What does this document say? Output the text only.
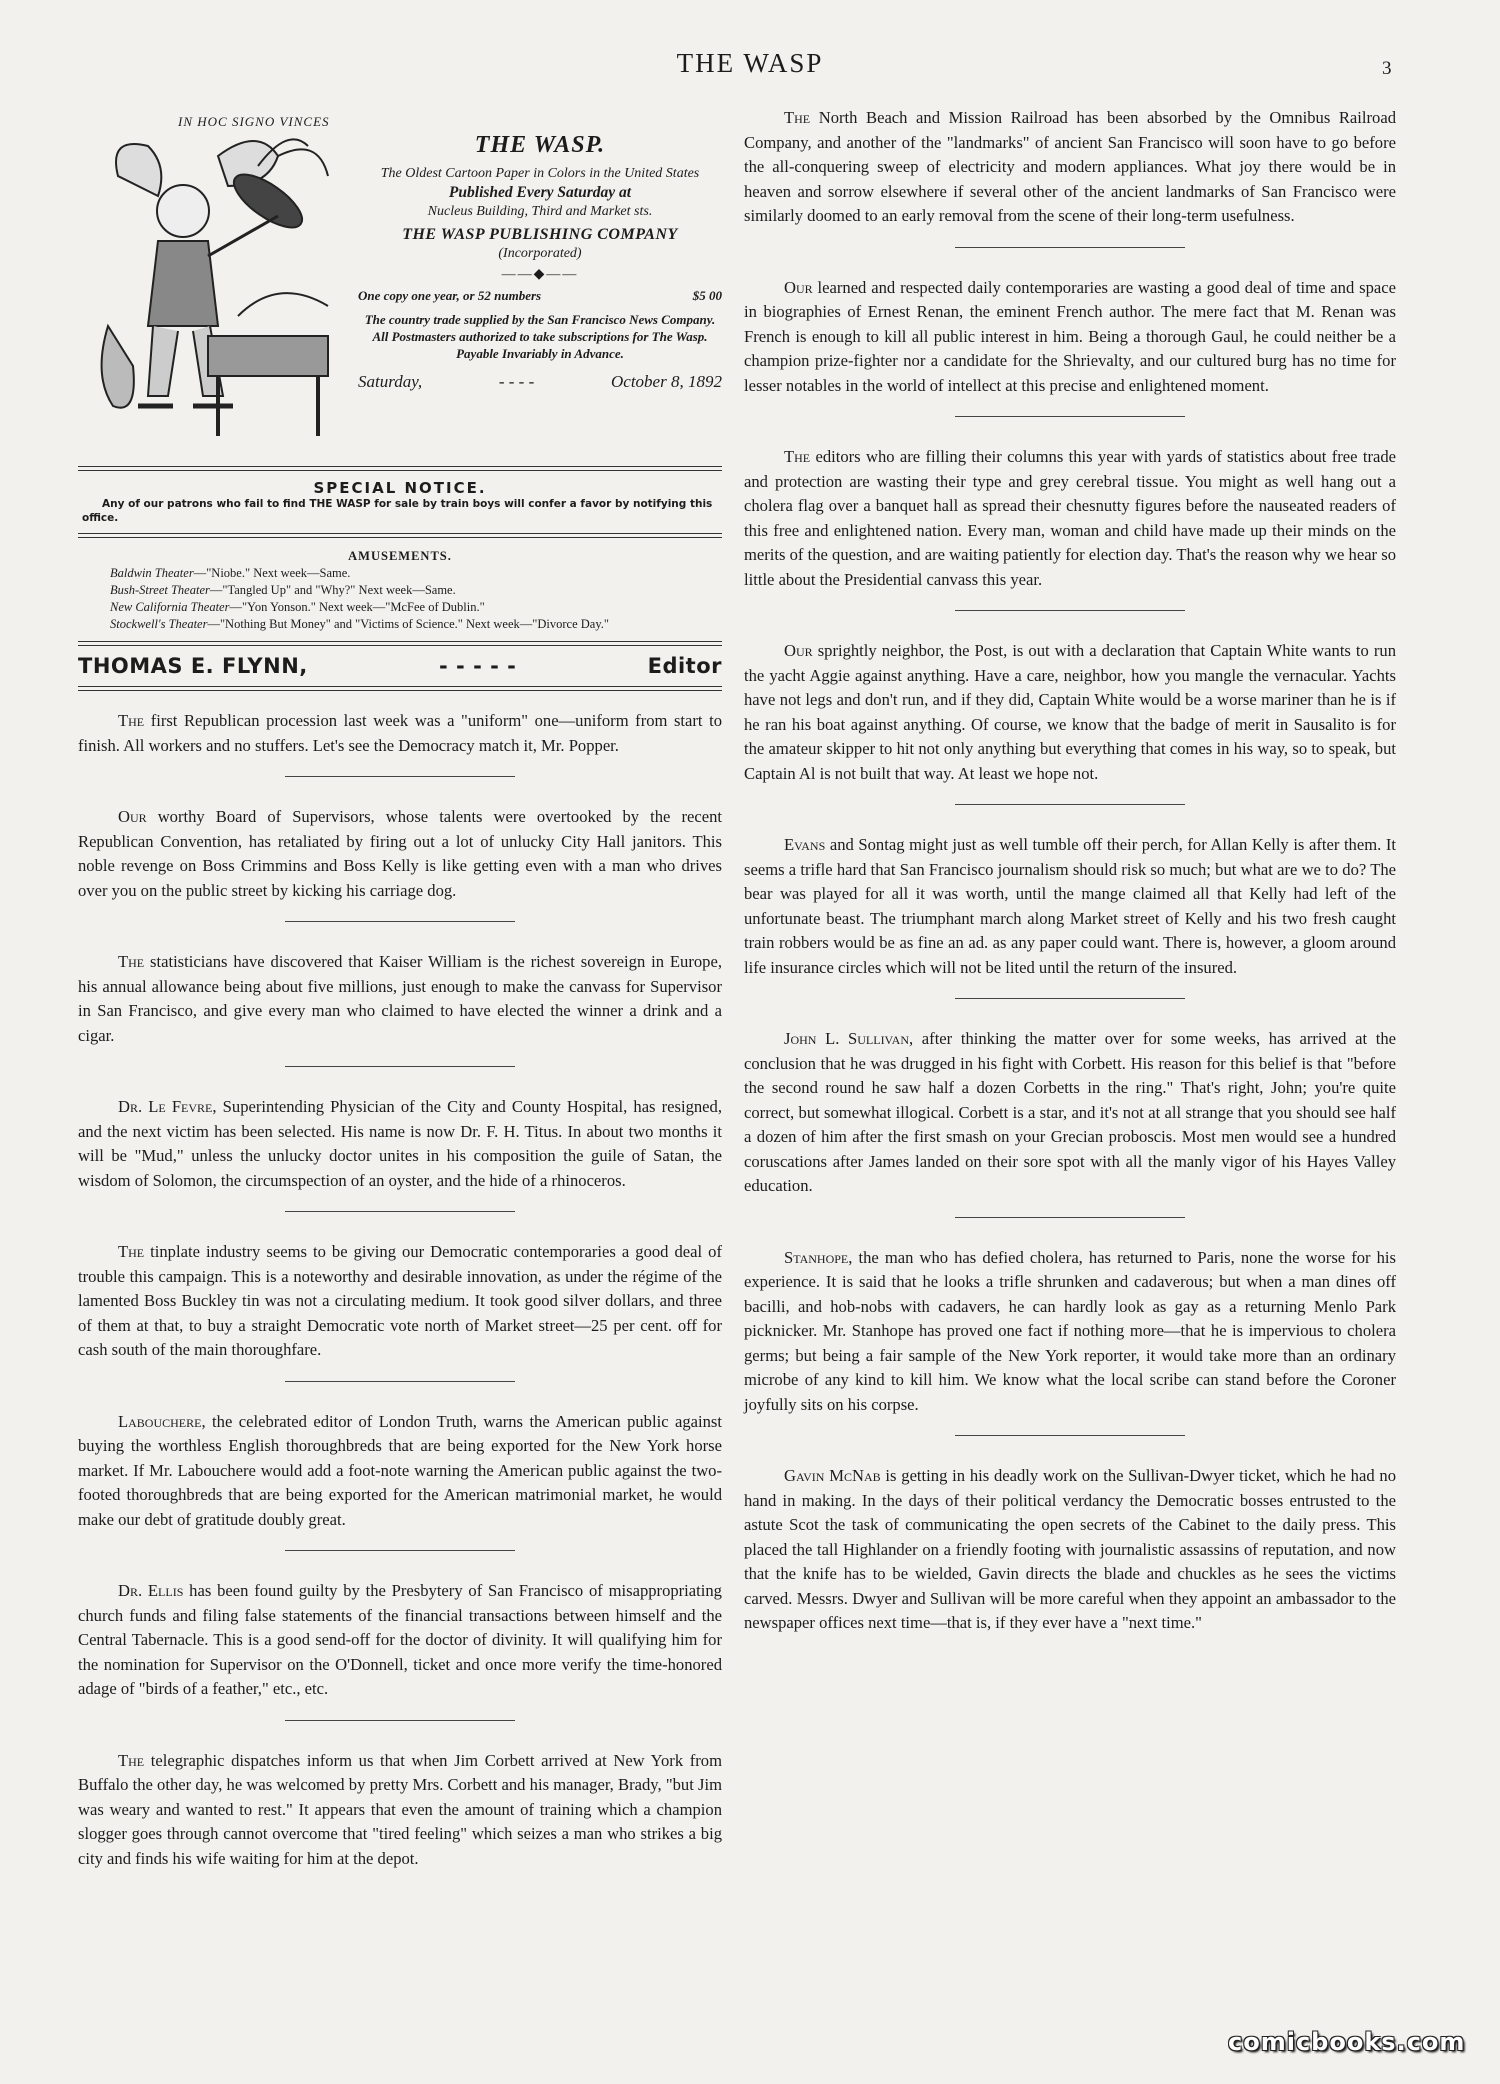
THE WASP	3
IN HOC SIGNO VINCES
THE WASP.
The Oldest Cartoon Paper in Colors in the United States
Published Every Saturday at
Nucleus Building, Third and Market sts.
THE WASP PUBLISHING COMPANY
(Incorporated)
——◆——
One copy one year, or 52 numbers	$5 00
The country trade supplied by the San Francisco News Company. All Postmasters authorized to take subscriptions for The Wasp. Payable Invariably in Advance.
Saturday,	- - - -	October 8, 1892
SPECIAL NOTICE.
Any of our patrons who fail to find THE WASP for sale by train boys will confer a favor by notifying this office.
AMUSEMENTS.
Baldwin Theater—"Niobe." Next week—Same.
Bush-Street Theater—"Tangled Up" and "Why?" Next week—Same.
New California Theater—"Yon Yonson." Next week—"McFee of Dublin."
Stockwell's Theater—"Nothing But Money" and "Victims of Science." Next week—"Divorce Day."
THOMAS E. FLYNN,	- - - - -	Editor

The first Republican procession last week was a "uniform" one—uniform from start to finish. All workers and no stuffers. Let's see the Democracy match it, Mr. Popper.

Our worthy Board of Supervisors, whose talents were overtooked by the recent Republican Convention, has retaliated by firing out a lot of unlucky City Hall janitors. This noble revenge on Boss Crimmins and Boss Kelly is like getting even with a man who drives over you on the public street by kicking his carriage dog.

The statisticians have discovered that Kaiser William is the richest sovereign in Europe, his annual allowance being about five millions, just enough to make the canvass for Supervisor in San Francisco, and give every man who claimed to have elected the winner a drink and a cigar.

Dr. Le Fevre, Superintending Physician of the City and County Hospital, has resigned, and the next victim has been selected. His name is now Dr. F. H. Titus. In about two months it will be "Mud," unless the unlucky doctor unites in his composition the guile of Satan, the wisdom of Solomon, the circumspection of an oyster, and the hide of a rhinoceros.

The tinplate industry seems to be giving our Democratic contemporaries a good deal of trouble this campaign. This is a noteworthy and desirable innovation, as under the régime of the lamented Boss Buckley tin was not a circulating medium. It took good silver dollars, and three of them at that, to buy a straight Democratic vote north of Market street—25 per cent. off for cash south of the main thoroughfare.

Labouchere, the celebrated editor of London Truth, warns the American public against buying the worthless English thoroughbreds that are being exported for the New York horse market. If Mr. Labouchere would add a foot-note warning the American public against the two-footed thoroughbreds that are being exported for the American matrimonial market, he would make our debt of gratitude doubly great.

Dr. Ellis has been found guilty by the Presbytery of San Francisco of misappropriating church funds and filing false statements of the financial transactions between himself and the Central Tabernacle. This is a good send-off for the doctor of divinity. It will qualifying him for the nomination for Supervisor on the O'Donnell, ticket and once more verify the time-honored adage of "birds of a feather," etc., etc.

The telegraphic dispatches inform us that when Jim Corbett arrived at New York from Buffalo the other day, he was welcomed by pretty Mrs. Corbett and his manager, Brady, "but Jim was weary and wanted to rest." It appears that even the amount of training which a champion slogger goes through cannot overcome that "tired feeling" which seizes a man who strikes a big city and finds his wife waiting for him at the depot.

The North Beach and Mission Railroad has been absorbed by the Omnibus Railroad Company, and another of the "landmarks" of ancient San Francisco will soon have to go before the all-conquering sweep of electricity and modern appliances. What joy there would be in heaven and sorrow elsewhere if several other of the ancient landmarks of San Francisco were similarly doomed to an early removal from the scene of their long-term usefulness.

Our learned and respected daily contemporaries are wasting a good deal of time and space in biographies of Ernest Renan, the eminent French author. The mere fact that M. Renan was French is enough to kill all public interest in him. Being a thorough Gaul, he could neither be a champion prize-fighter nor a candidate for the Shrievalty, and our cultured burg has no time for lesser notables in the world of intellect at this precise and enlightened moment.

The editors who are filling their columns this year with yards of statistics about free trade and protection are wasting their type and grey cerebral tissue. You might as well hang out a cholera flag over a banquet hall as spread their chesnutty figures before the nauseated readers of this free and enlightened nation. Every man, woman and child have made up their minds on the merits of the question, and are waiting patiently for election day. That's the reason why we hear so little about the Presidential canvass this year.

Our sprightly neighbor, the Post, is out with a declaration that Captain White wants to run the yacht Aggie against anything. Have a care, neighbor, how you mangle the vernacular. Yachts have not legs and don't run, and if they did, Captain White would be a worse mariner than he is if he ran his boat against anything. Of course, we know that the badge of merit in Sausalito is for the amateur skipper to hit not only anything but everything that comes in his way, so to speak, but Captain Al is not built that way. At least we hope not.

Evans and Sontag might just as well tumble off their perch, for Allan Kelly is after them. It seems a trifle hard that San Francisco journalism should risk so much; but what are we to do? The bear was played for all it was worth, until the mange claimed all that Kelly had left of the unfortunate beast. The triumphant march along Market street of Kelly and his two fresh caught train robbers would be as fine an ad. as any paper could want. There is, however, a gloom around life insurance circles which will not be lited until the return of the insured.

John L. Sullivan, after thinking the matter over for some weeks, has arrived at the conclusion that he was drugged in his fight with Corbett. His reason for this belief is that "before the second round he saw half a dozen Corbetts in the ring." That's right, John; you're quite correct, but somewhat illogical. Corbett is a star, and it's not at all strange that you should see half a dozen of him after the first smash on your Grecian proboscis. Most men would see a hundred coruscations after James landed on their sore spot with all the manly vigor of his Hayes Valley education.

Stanhope, the man who has defied cholera, has returned to Paris, none the worse for his experience. It is said that he looks a trifle shrunken and cadaverous; but when a man dines off bacilli, and hob-nobs with cadavers, he can hardly look as gay as a returning Menlo Park picknicker. Mr. Stanhope has proved one fact if nothing more—that he is impervious to cholera germs; but being a fair sample of the New York reporter, it would take more than an ordinary microbe of any kind to kill him. We know what the local scribe can stand before the Coroner joyfully sits on his corpse.

Gavin McNab is getting in his deadly work on the Sullivan-Dwyer ticket, which he had no hand in making. In the days of their political verdancy the Democratic bosses entrusted to the astute Scot the task of communicating the open secrets of the Cabinet to the daily press. This placed the tall Highlander on a friendly footing with journalistic assassins of reputation, and now that the knife has to be wielded, Gavin directs the blade and chuckles as he sees the victims carved. Messrs. Dwyer and Sullivan will be more careful when they appoint an ambassador to the newspaper offices next time—that is, if they ever have a "next time."

comicbooks.com
